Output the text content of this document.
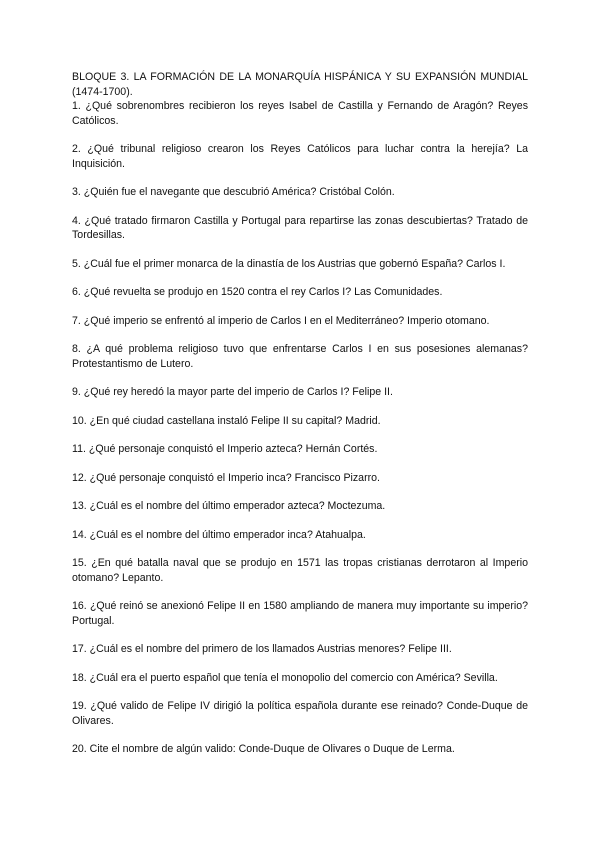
BLOQUE 3. LA FORMACIÓN DE LA MONARQUÍA HISPÁNICA Y SU EXPANSIÓN MUNDIAL (1474-1700).

1. ¿Qué sobrenombres recibieron los reyes Isabel de Castilla y Fernando de Aragón? Reyes Católicos.

2. ¿Qué tribunal religioso crearon los Reyes Católicos para luchar contra la herejía? La Inquisición.

3. ¿Quién fue el navegante que descubrió América? Cristóbal Colón.

4. ¿Qué tratado firmaron Castilla y Portugal para repartirse las zonas descubiertas? Tratado de Tordesillas.

5. ¿Cuál fue el primer monarca de la dinastía de los Austrias que gobernó España? Carlos I.

6. ¿Qué revuelta se produjo en 1520 contra el rey Carlos I? Las Comunidades.

7. ¿Qué imperio se enfrentó al imperio de Carlos I en el Mediterráneo? Imperio otomano.

8. ¿A qué problema religioso tuvo que enfrentarse Carlos I en sus posesiones alemanas? Protestantismo de Lutero.

9. ¿Qué rey heredó la mayor parte del imperio de Carlos I? Felipe II.

10. ¿En qué ciudad castellana instaló Felipe II su capital? Madrid.

11. ¿Qué personaje conquistó el Imperio azteca? Hernán Cortés.

12. ¿Qué personaje conquistó el Imperio inca? Francisco Pizarro.

13. ¿Cuál es el nombre del último emperador azteca? Moctezuma.

14. ¿Cuál es el nombre del último emperador inca? Atahualpa.

15. ¿En qué batalla naval que se produjo en 1571 las tropas cristianas derrotaron al Imperio otomano? Lepanto.

16. ¿Qué reinó se anexionó Felipe II en 1580 ampliando de manera muy importante su imperio? Portugal.

17. ¿Cuál es el nombre del primero de los llamados Austrias menores? Felipe III.

18. ¿Cuál era el puerto español que tenía el monopolio del comercio con América? Sevilla.

19. ¿Qué valido de Felipe IV dirigió la política española durante ese reinado? Conde-Duque de Olivares.

20. Cite el nombre de algún valido: Conde-Duque de Olivares o Duque de Lerma.
